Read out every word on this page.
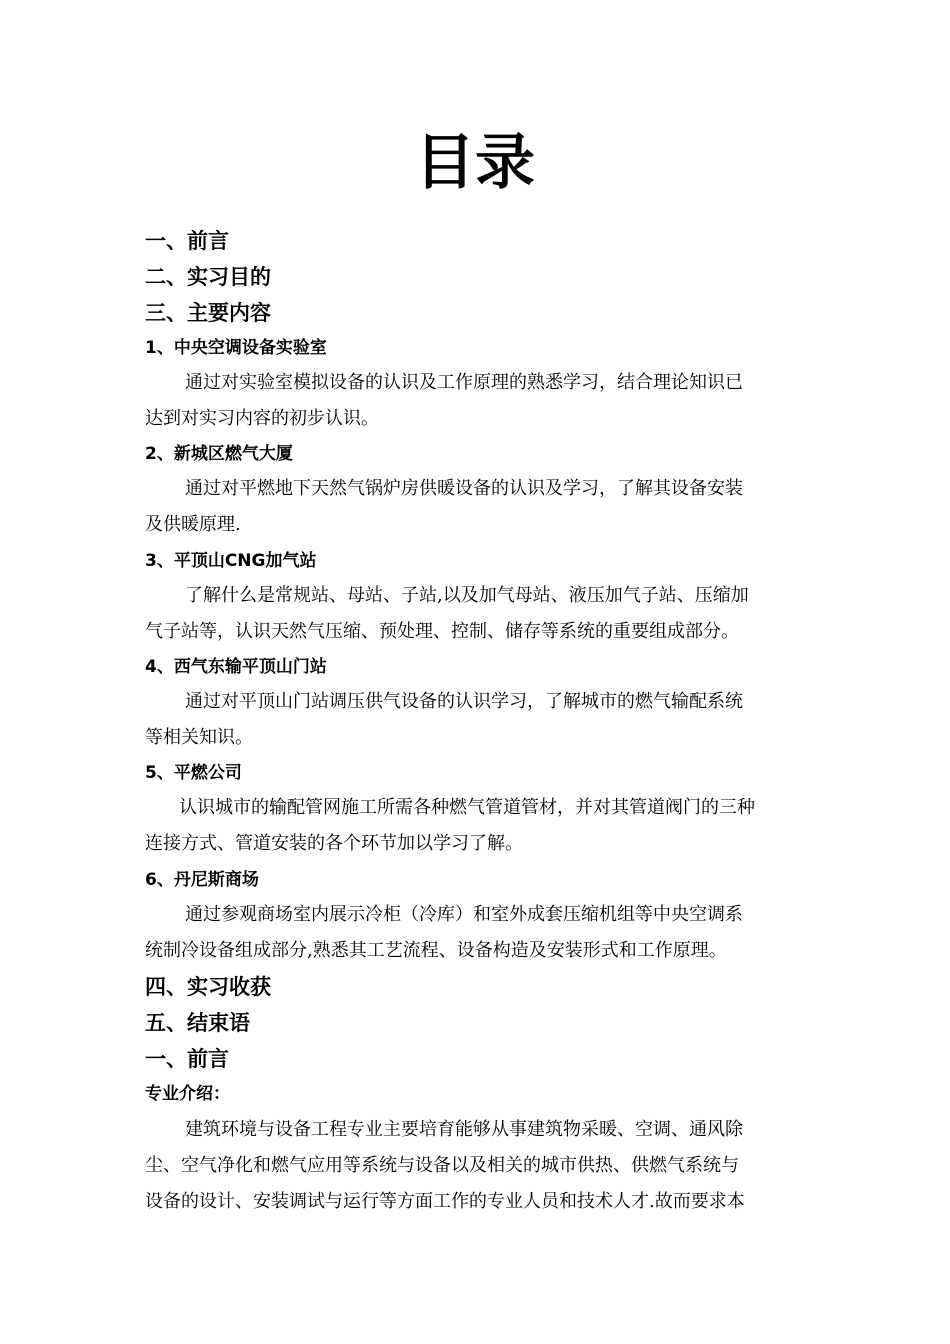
目录
一、前言
二、实习目的
三、主要内容
1、中央空调设备实验室
通过对实验室模拟设备的认识及工作原理的熟悉学习，结合理论知识已
达到对实习内容的初步认识。
2、新城区燃气大厦
通过对平燃地下天然气锅炉房供暖设备的认识及学习，了解其设备安装
及供暖原理.
3、平顶山CNG加气站
了解什么是常规站、母站、子站,以及加气母站、液压加气子站、压缩加
气子站等，认识天然气压缩、预处理、控制、储存等系统的重要组成部分。
4、西气东输平顶山门站
通过对平顶山门站调压供气设备的认识学习，了解城市的燃气输配系统
等相关知识。
5、平燃公司
认识城市的输配管网施工所需各种燃气管道管材，并对其管道阀门的三种
连接方式、管道安装的各个环节加以学习了解。
6、丹尼斯商场
通过参观商场室内展示冷柜（冷库）和室外成套压缩机组等中央空调系
统制冷设备组成部分,熟悉其工艺流程、设备构造及安装形式和工作原理。
四、实习收获
五、结束语
一、前言
专业介绍：
建筑环境与设备工程专业主要培育能够从事建筑物采暖、空调、通风除
尘、空气净化和燃气应用等系统与设备以及相关的城市供热、供燃气系统与
设备的设计、安装调试与运行等方面工作的专业人员和技术人才.故而要求本
